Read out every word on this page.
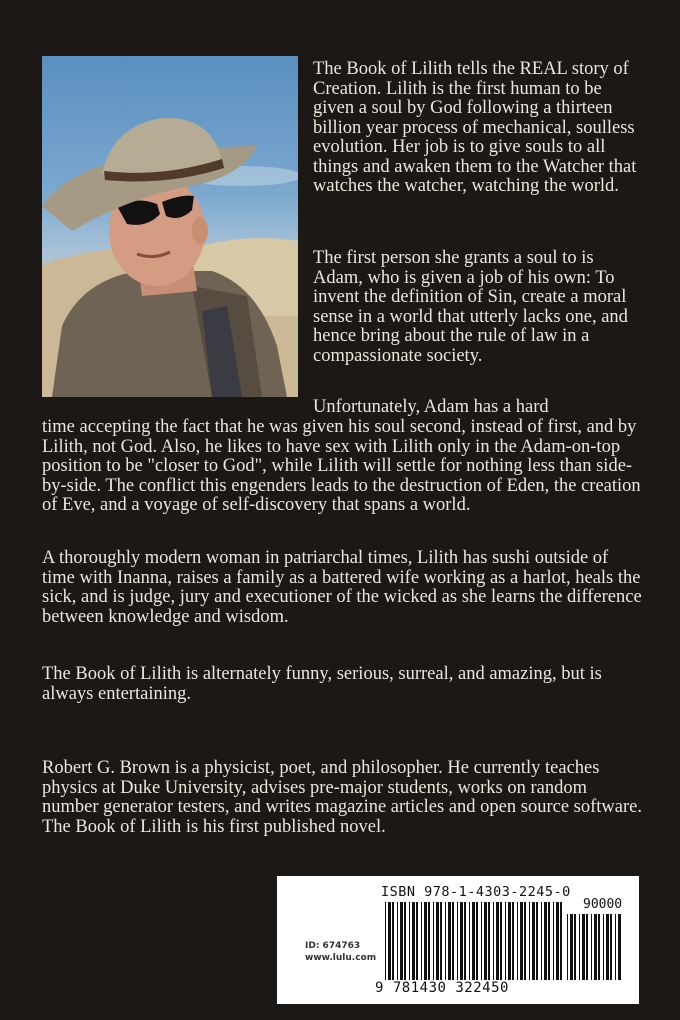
The Book of Lilith tells the REAL story of Creation. Lilith is the first human to be given a soul by God following a thirteen billion year process of mechanical, soulless evolution. Her job is to give souls to all things and awaken them to the Watcher that watches the watcher, watching the world.

The first person she grants a soul to is Adam, who is given a job of his own: To invent the definition of Sin, create a moral sense in a world that utterly lacks one, and hence bring about the rule of law in a compassionate society.

Unfortunately, Adam has a hard

time accepting the fact that he was given his soul second, instead of first, and by Lilith, not God. Also, he likes to have sex with Lilith only in the Adam-on-top position to be "closer to God", while Lilith will settle for nothing less than side-by-side. The conflict this engenders leads to the destruction of Eden, the creation of Eve, and a voyage of self-discovery that spans a world.

A thoroughly modern woman in patriarchal times, Lilith has sushi outside of time with Inanna, raises a family as a battered wife working as a harlot, heals the sick, and is judge, jury and executioner of the wicked as she learns the difference between knowledge and wisdom.

The Book of Lilith is alternately funny, serious, surreal, and amazing, but is always entertaining.

Robert G. Brown is a physicist, poet, and philosopher. He currently teaches physics at Duke University, advises pre-major students, works on random number generator testers, and writes magazine articles and open source software. The Book of Lilith is his first published novel.

ISBN 978-1-4303-2245-0
90000
ID: 674763
www.lulu.com
9 781430 322450
